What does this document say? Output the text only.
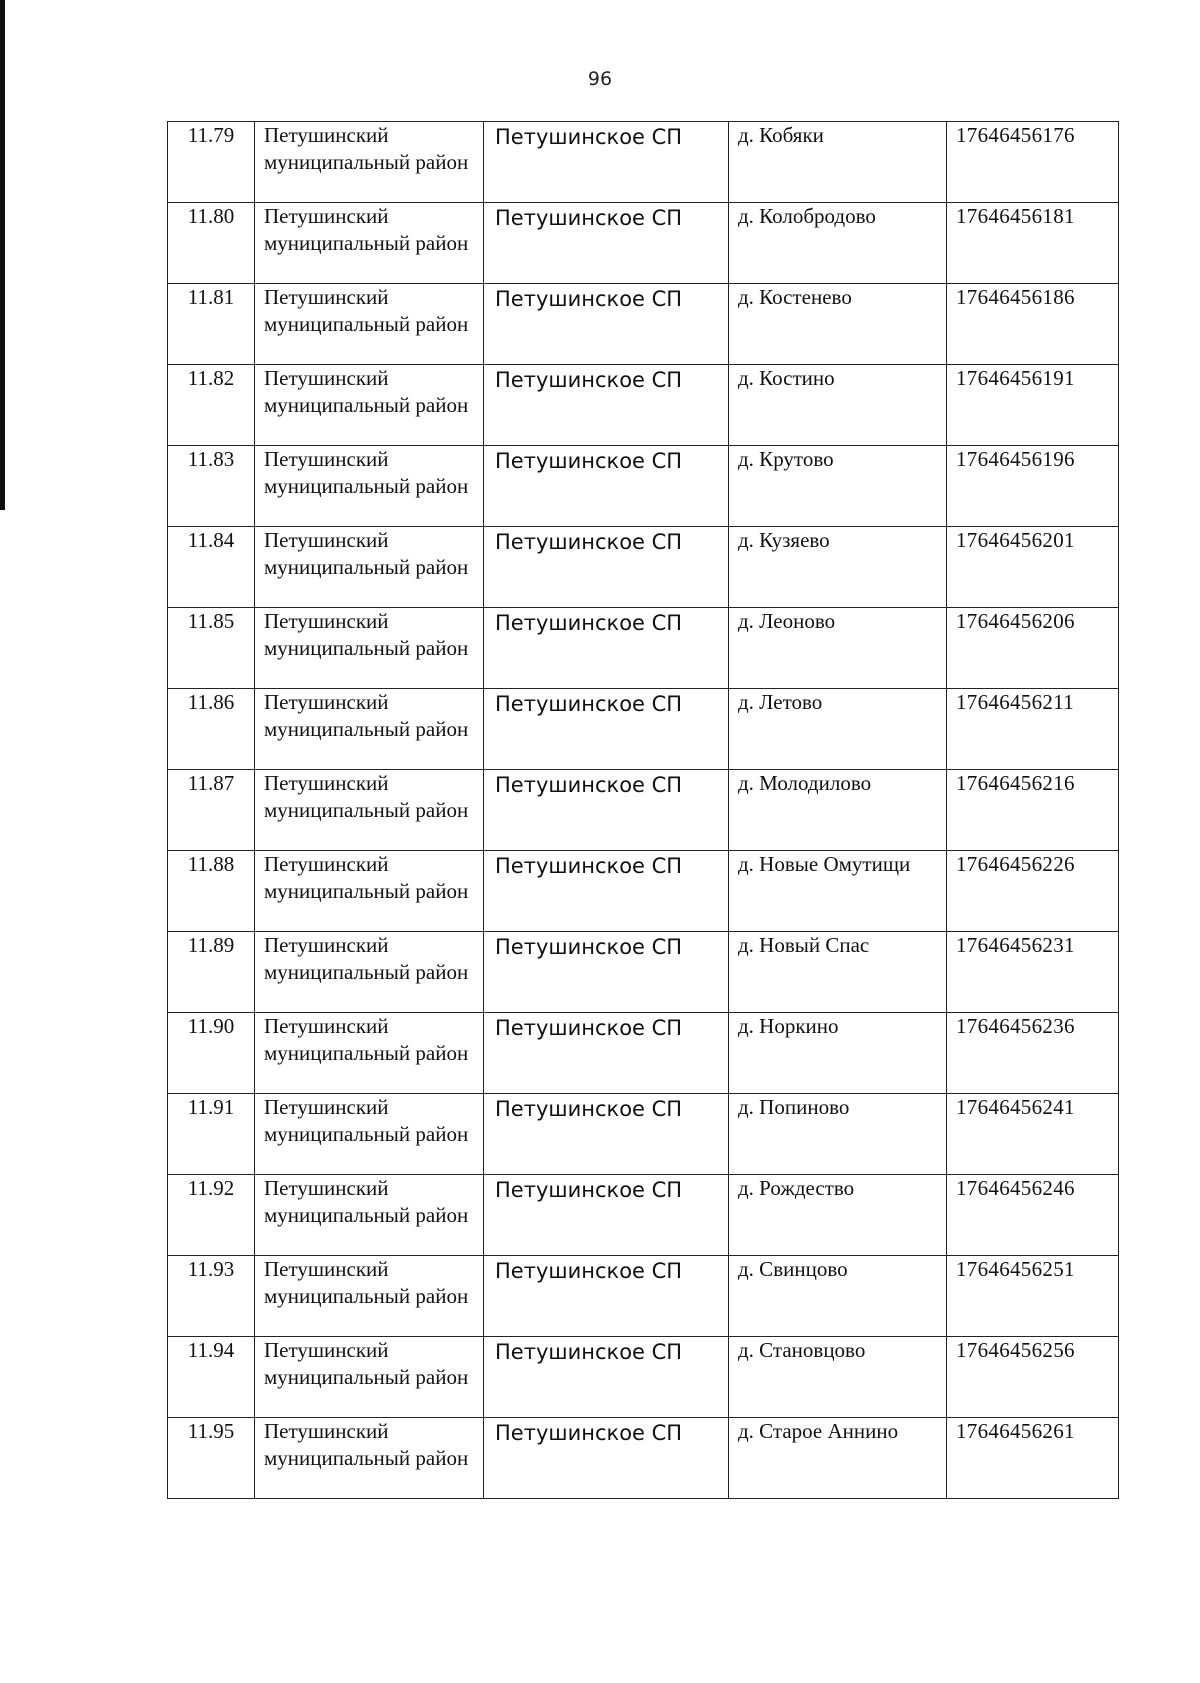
96
11.79	Петушинский муниципальный район	Петушинское СП	д. Кобяки	17646456176
11.80	Петушинский муниципальный район	Петушинское СП	д. Колобродово	17646456181
11.81	Петушинский муниципальный район	Петушинское СП	д. Костенево	17646456186
11.82	Петушинский муниципальный район	Петушинское СП	д. Костино	17646456191
11.83	Петушинский муниципальный район	Петушинское СП	д. Крутово	17646456196
11.84	Петушинский муниципальный район	Петушинское СП	д. Кузяево	17646456201
11.85	Петушинский муниципальный район	Петушинское СП	д. Леоново	17646456206
11.86	Петушинский муниципальный район	Петушинское СП	д. Летово	17646456211
11.87	Петушинский муниципальный район	Петушинское СП	д. Молодилово	17646456216
11.88	Петушинский муниципальный район	Петушинское СП	д. Новые Омутищи	17646456226
11.89	Петушинский муниципальный район	Петушинское СП	д. Новый Спас	17646456231
11.90	Петушинский муниципальный район	Петушинское СП	д. Норкино	17646456236
11.91	Петушинский муниципальный район	Петушинское СП	д. Попиново	17646456241
11.92	Петушинский муниципальный район	Петушинское СП	д. Рождество	17646456246
11.93	Петушинский муниципальный район	Петушинское СП	д. Свинцово	17646456251
11.94	Петушинский муниципальный район	Петушинское СП	д. Становцово	17646456256
11.95	Петушинский муниципальный район	Петушинское СП	д. Старое Аннино	17646456261
